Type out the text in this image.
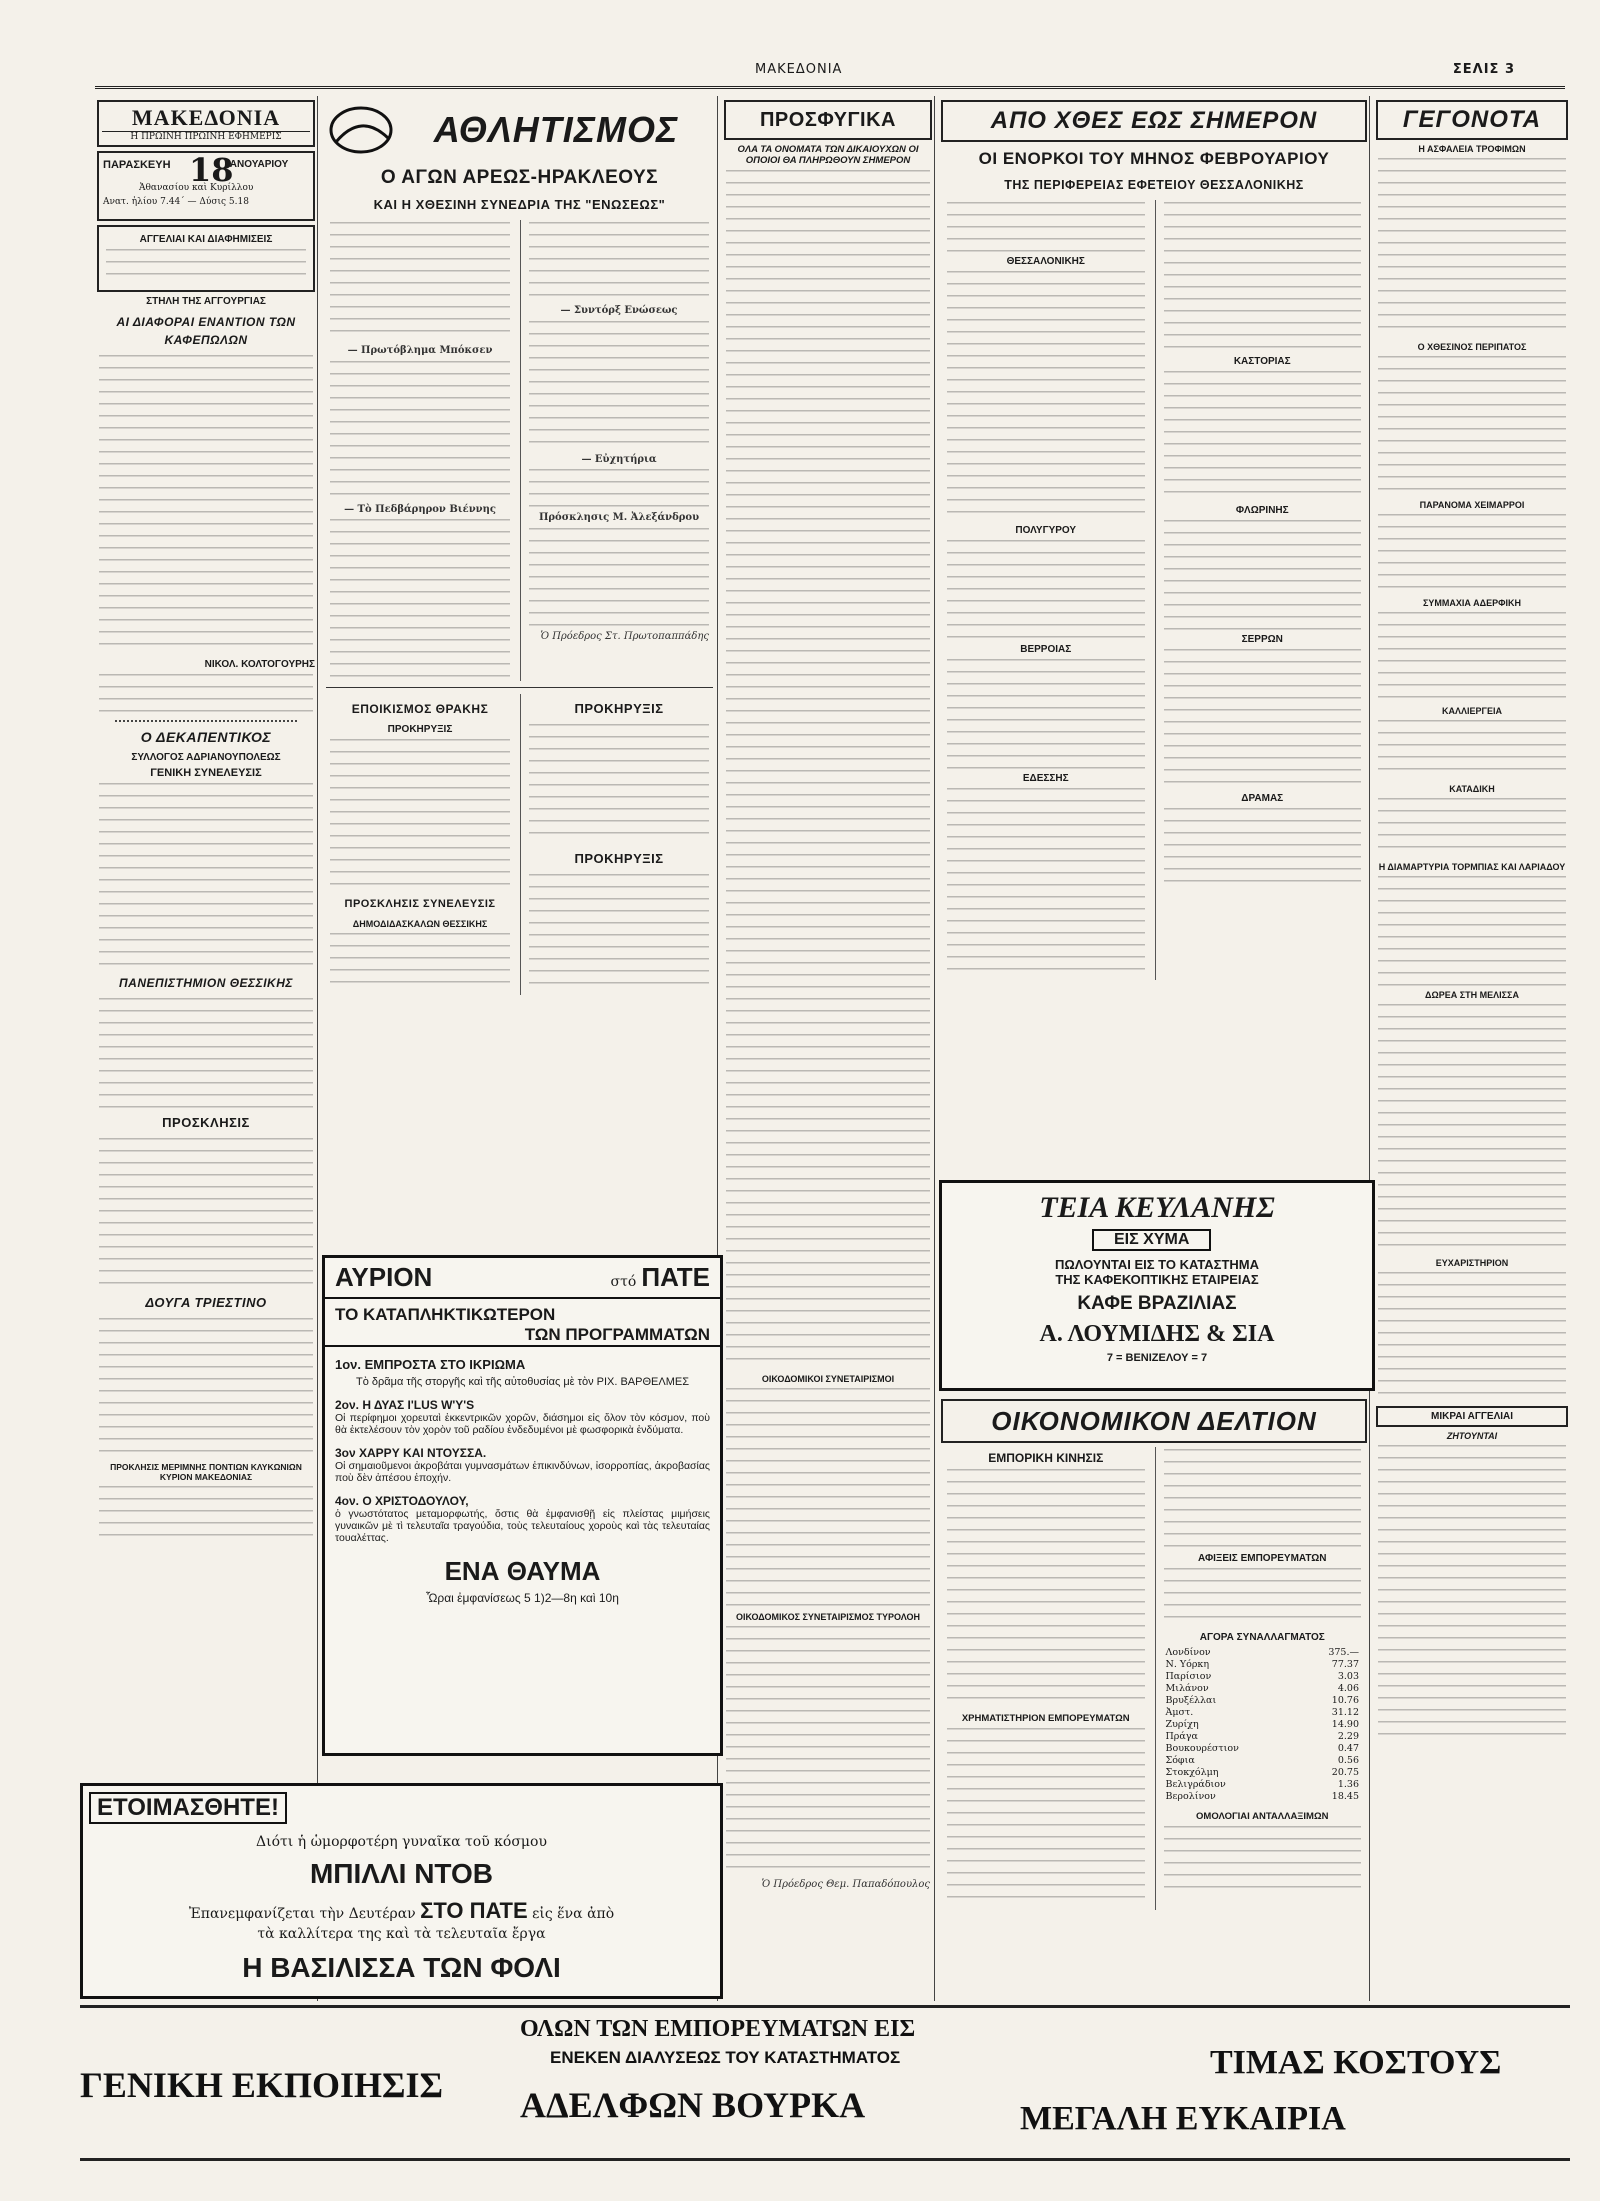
ΜΑΚΕΔΟΝΙΑ	ΣΕΛΙΣ 3
ΜΑΚΕΔΟΝΙΑ
Η ΠΡΩΙΝΗ ΠΡΩΙΝΗ ΕΦΗΜΕΡΙΣ
ΠΑΡΑΣΚΕΥΗ 18
ΙΑΝΟΥΑΡΙΟΥ
Ἀθανασίου καὶ Κυρίλλου
Ανατ. ἡλίου 7.44΄ — Δύσις 5.18
ΑΓΓΕΛΙΑΙ ΚΑΙ ΔΙΑΦΗΜΙΣΕΙΣ
ΣΤΗΛΗ ΤΗΣ ΑΓΓΟΥΡΓΙΑΣ
ΑΙ ΔΙΑΦΟΡΑΙ ΕΝΑΝΤΙΟΝ ΤΩΝ ΚΑΦΕΠΩΛΩΝ
ΝΙΚΟΛ. ΚΟΛΤΟΓΟΥΡΗΣ
Ο ΔΕΚΑΠΕΝΤΙΚΟΣ
ΣΥΛΛΟΓΟΣ ΑΔΡΙΑΝΟΥΠΟΛΕΩΣ
ΓΕΝΙΚΗ ΣΥΝΕΛΕΥΣΙΣ
ΠΑΝΕΠΙΣΤΗΜΙΟΝ ΘΕΣΣΙΚΗΣ
ΠΡΟΣΚΛΗΣΙΣ
ΔΟΥΓΑ ΤΡΙΕΣΤΙΝΟ
ΠΡΟΚΛΗΣΙΣ ΜΕΡΙΜΝΗΣ ΠΟΝΤΙΩΝ ΚΛΥΚΩΝΙΩΝ ΚΥΡΙΟΝ ΜΑΚΕΔΟΝΙΑΣ
ΑΘΛΗΤΙΣΜΟΣ
Ο ΑΓΩΝ ΑΡΕΩΣ-ΗΡΑΚΛΕΟΥΣ
ΚΑΙ Η ΧΘΕΣΙΝΗ ΣΥΝΕΔΡΙΑ ΤΗΣ "ΕΝΩΣΕΩΣ"
— Πρωτόβλημα Μπόκσεν
— Τὸ Πεδβάρηρον Βιέννης
— Συντόρξ Ενώσεως
— Εὐχητήρια
Πρόσκλησις Μ. Ἀλεξάνδρου
Ὁ Πρόεδρος Στ. Πρωτοπαππάδης
ΕΠΟΙΚΙΣΜΟΣ ΘΡΑΚΗΣ
ΠΡΟΚΗΡΥΞΙΣ
ΠΡΟΣΚΛΗΣΙΣ ΣΥΝΕΛΕΥΣΙΣ
ΔΗΜΟΔΙΔΑΣΚΑΛΩΝ ΘΕΣΣΙΚΗΣ
ΠΡΟΚΗΡΥΞΙΣ
ΠΡΟΚΗΡΥΞΙΣ
ΑΥΡΙΟΝ	στό ΠΑΤΕ
ΤΟ ΚΑΤΑΠΛΗΚΤΙΚΩΤΕΡΟΝ
ΤΩΝ ΠΡΟΓΡΑΜΜΑΤΩΝ
1ον. ΕΜΠΡΟΣΤΑ ΣΤΟ ΙΚΡΙΩΜΑ
Τὸ δρᾶμα τῆς στοργῆς καὶ τῆς αὐτοθυσίας μὲ τὸν ΡΙΧ. ΒΑΡΘΕΛΜΕΣ
2ον. Η ΔΥΑΣ I'LUS W'Y'S
Οἱ περίφημοι χορευταὶ ἐκκεντρικῶν χορῶν, διάσημοι εἰς ὅλον τὸν κόσμον, ποὺ θὰ ἐκτελέσουν τὸν χορὸν τοῦ ραδίου ἐνδεδυμένοι μὲ φωσφορικὰ ἐνδύματα.
3ον ΧΑΡΡΥ ΚΑΙ ΝΤΟΥΣΣΑ.
Οἱ σημαιοῦμενοι ἀκροβάται γυμνασμάτων ἐπικινδύνων, ἰσορροπίας, ἀκροβασίας ποὺ δὲν ἀπέσου ἐποχήν.
4ον. Ο ΧΡΙΣΤΟΔΟΥΛΟΥ,
ὁ γνωστότατος μεταμορφωτής, ὅστις θὰ ἐμφανισθῇ εἰς πλείστας μιμήσεις γυναικῶν μὲ τὶ τελευταῖα τραγούδια, τοὺς τελευταίους χοροὺς καὶ τὰς τελευταίας τουαλέττας.
ΕΝΑ ΘΑΥΜΑ
Ὧραι ἐμφανίσεως 5 1)2—8η καὶ 10η
ΠΡΟΣΦΥΓΙΚΑ
ΟΛΑ ΤΑ ΟΝΟΜΑΤΑ ΤΩΝ ΔΙΚΑΙΟΥΧΩΝ ΟΙ ΟΠΟΙΟΙ ΘΑ ΠΛΗΡΩΘΟΥΝ ΣΗΜΕΡΟΝ
ΟΙΚΟΔΟΜΙΚΟΙ ΣΥΝΕΤΑΙΡΙΣΜΟΙ
ΟΙΚΟΔΟΜΙΚΟΣ ΣΥΝΕΤΑΙΡΙΣΜΟΣ ΤΥΡΟΛΟΗ
Ὁ Πρόεδρος Θεμ. Παπαδόπουλος
ΑΠΟ ΧΘΕΣ ΕΩΣ ΣΗΜΕΡΟΝ
ΟΙ ΕΝΟΡΚΟΙ ΤΟΥ ΜΗΝΟΣ ΦΕΒΡΟΥΑΡΙΟΥ
ΤΗΣ ΠΕΡΙΦΕΡΕΙΑΣ ΕΦΕΤΕΙΟΥ ΘΕΣΣΑΛΟΝΙΚΗΣ
ΘΕΣΣΑΛΟΝΙΚΗΣ
ΠΟΛΥΓΥΡΟΥ
ΒΕΡΡΟΙΑΣ
ΕΔΕΣΣΗΣ
ΚΑΣΤΟΡΙΑΣ
ΦΛΩΡΙΝΗΣ
ΣΕΡΡΩΝ
ΔΡΑΜΑΣ
ΤΕΙΑ ΚΕΥΛΑΝΗΣ
ΕΙΣ ΧΥΜΑ
ΠΩΛΟΥΝΤΑΙ ΕΙΣ ΤΟ ΚΑΤΑΣΤΗΜΑ
ΤΗΣ ΚΑΦΕΚΟΠΤΙΚΗΣ ΕΤΑΙΡΕΙΑΣ
ΚΑΦΕ ΒΡΑΖΙΛΙΑΣ
Α. ΛΟΥΜΙΔΗΣ & ΣΙΑ
7 = ΒΕΝΙΖΕΛΟΥ = 7
ΟΙΚΟΝΟΜΙΚΟΝ ΔΕΛΤΙΟΝ
ΕΜΠΟΡΙΚΗ ΚΙΝΗΣΙΣ
ΧΡΗΜΑΤΙΣΤΗΡΙΟΝ ΕΜΠΟΡΕΥΜΑΤΩΝ
ΑΦΙΞΕΙΣ ΕΜΠΟΡΕΥΜΑΤΩΝ
ΑΓΟΡΑ ΣΥΝΑΛΛΑΓΜΑΤΟΣ
Λονδίνον	375.—
Ν. Υόρκη	77.37
Παρίσιον	3.03
Μιλάνον	4.06
Βρυξέλλαι	10.76
Ἀμστ.	31.12
Ζυρίχη	14.90
Πράγα	2.29
Βουκουρέστιον	0.47
Σόφια	0.56
Στοκχόλμη	20.75
Βελιγράδιον	1.36
Βερολίνον	18.45
ΟΜΟΛΟΓΙΑΙ ΑΝΤΑΛΛΑΞΙΜΩΝ
ΓΕΓΟΝΟΤΑ
Η ΑΣΦΑΛΕΙΑ ΤΡΟΦΙΜΩΝ
Ο ΧΘΕΣΙΝΟΣ ΠΕΡΙΠΑΤΟΣ
ΠΑΡΑΝΟΜΑ ΧΕΙΜΑΡΡΟΙ
ΣΥΜΜΑΧΙΑ ΑΔΕΡΦΙΚΗ
ΚΑΛΛΙΕΡΓΕΙΑ
ΚΑΤΑΔΙΚΗ
Η ΔΙΑΜΑΡΤΥΡΙΑ ΤΟΡΜΠΙΑΣ ΚΑΙ ΛΑΡΙΑΔΟΥ
ΔΩΡΕΑ ΣΤΗ ΜΕΛΙΣΣΑ
ΕΥΧΑΡΙΣΤΗΡΙΟΝ
ΜΙΚΡΑΙ ΑΓΓΕΛΙΑΙ
ΖΗΤΟΥΝΤΑΙ
ΕΤΟΙΜΑΣΘΗΤΕ!
Διότι ἡ ὡμορφοτέρη γυναῖκα τοῦ κόσμου
ΜΠΙΛΛΙ ΝΤΟΒ
Ἐπανεμφανίζεται τὴν Δευτέραν ΣΤΟ ΠΑΤΕ εἰς ἕνα ἀπὸ
τὰ καλλίτερα της καὶ τὰ τελευταῖα ἔργα
Η ΒΑΣΙΛΙΣΣΑ ΤΩΝ ΦΟΛΙ
ΓΕΝΙΚΗ ΕΚΠΟΙΗΣΙΣ
ΟΛΩΝ ΤΩΝ ΕΜΠΟΡΕΥΜΑΤΩΝ ΕΙΣ
ΕΝΕΚΕΝ ΔΙΑΛΥΣΕΩΣ ΤΟΥ ΚΑΤΑΣΤΗΜΑΤΟΣ
ΑΔΕΛΦΩΝ ΒΟΥΡΚΑ
ΤΙΜΑΣ ΚΟΣΤΟΥΣ
ΜΕΓΑΛΗ ΕΥΚΑΙΡΙΑ
